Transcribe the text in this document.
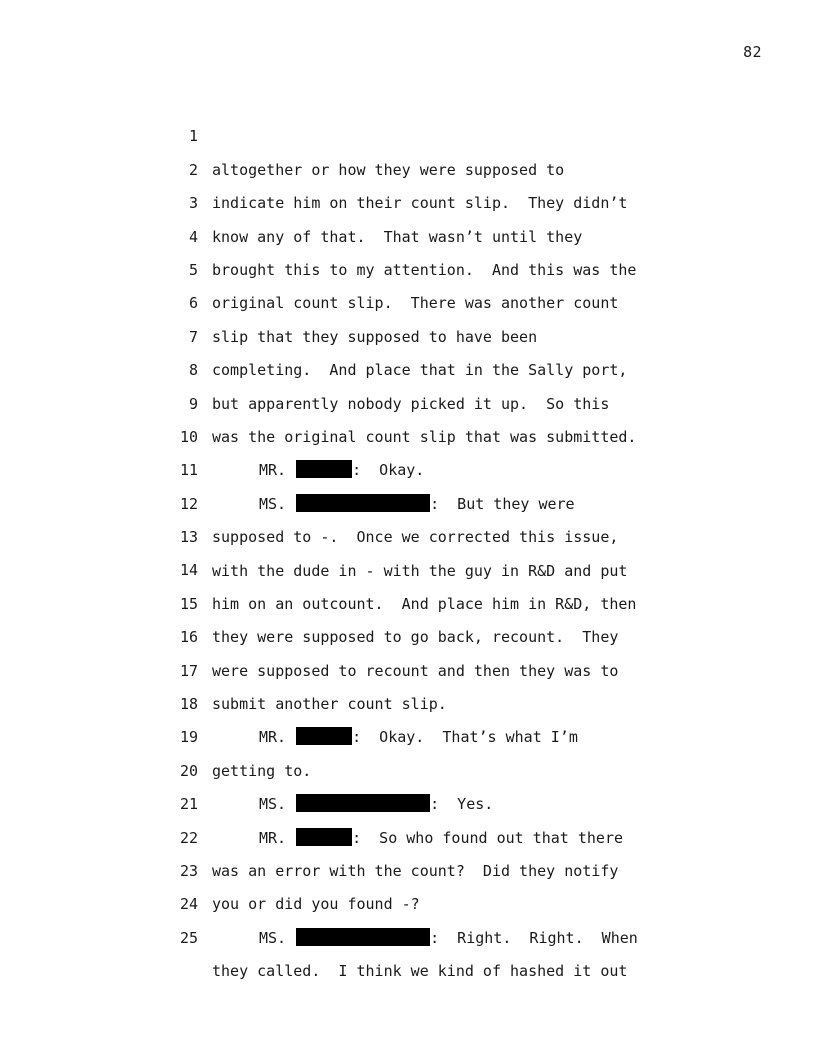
82

1

altogether or how they were supposed to

2

indicate him on their count slip.  They didn’t

3

know any of that.  That wasn’t until they

4

brought this to my attention.  And this was the

5

original count slip.  There was another count

6

slip that they supposed to have been

7

completing.  And place that in the Sally port,

8

but apparently nobody picked it up.  So this

9

was the original count slip that was submitted.

10

MR.	:  Okay.

11

MS.	:  But they were

12

supposed to -.  Once we corrected this issue,

13

with the dude in - with the guy in R&D and put

14

him on an outcount.  And place him in R&D, then

15

they were supposed to go back, recount.  They

16

were supposed to recount and then they was to

17

submit another count slip.

18

MR.	:  Okay.  That’s what I’m

19

getting to.

20

MS.	:  Yes.

21

MR.	:  So who found out that there

22

was an error with the count?  Did they notify

23

you or did you found -?

24

MS.	:  Right.  Right.  When

25

they called.  I think we kind of hashed it out
